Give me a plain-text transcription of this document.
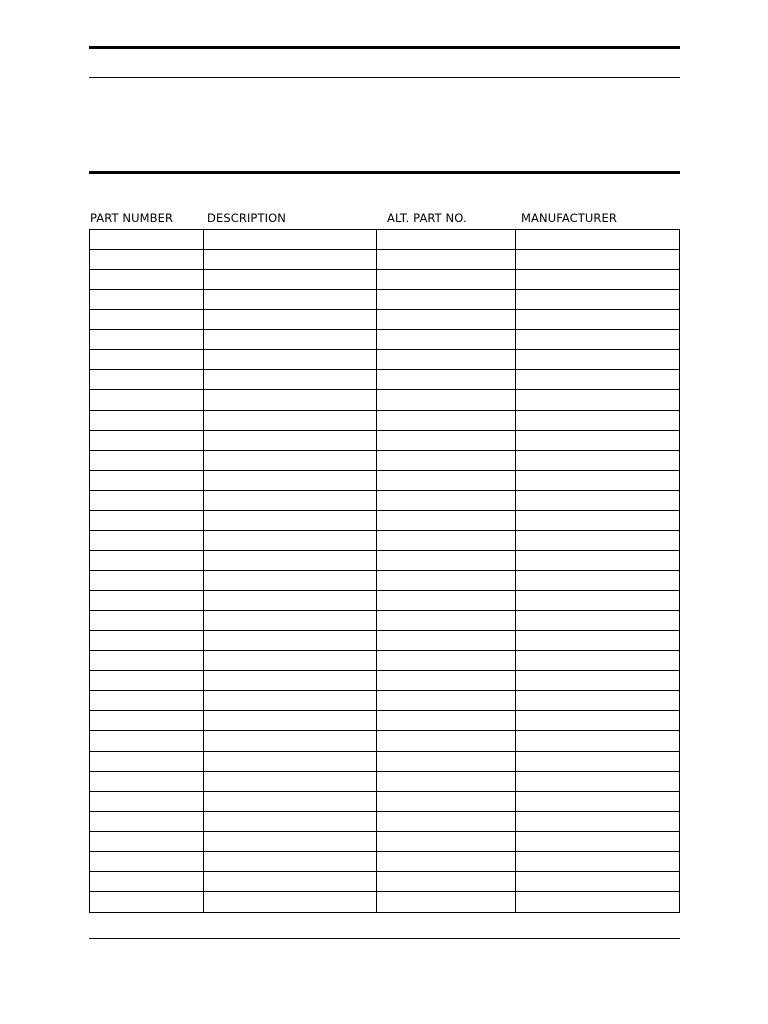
PART NUMBER	DESCRIPTION	ALT. PART NO.	MANUFACTURER
